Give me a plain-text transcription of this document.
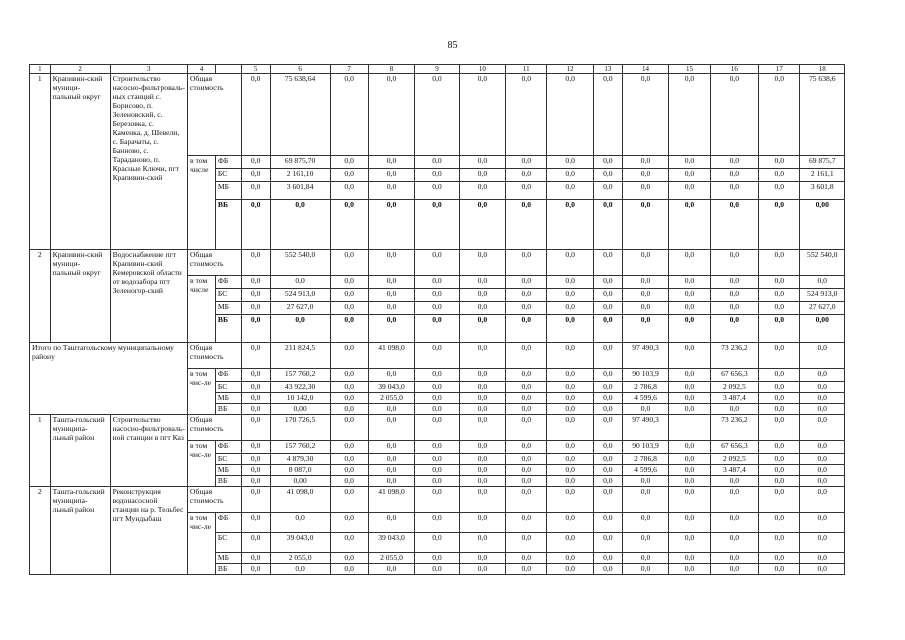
85
1	2	3	4		5	6	7	8	9	10	11	12	13	14	15	16	17	18
1	Крапивин-ский муници-пальный округ	Строительство насосно-фильтроваль-ных станций с. Борисово, п. Зеленовский, с. Березовка, с. Каменка, д. Шевели, с. Барачаты, с. Банново, с. Тараданово, п. Красные Ключи, пгт Крапивин-ский	Общая стоимость		0,0	75 638,64	0,0	0,0	0,0	0,0	0,0	0,0	0,0	0,0	0,0	0,0	0,0	75 638,6
			в том числе	ФБ	0,0	69 875,70	0,0	0,0	0,0	0,0	0,0	0,0	0,0	0,0	0,0	0,0	0,0	69 875,7
				БС	0,0	2 161,10	0,0	0,0	0,0	0,0	0,0	0,0	0,0	0,0	0,0	0,0	0,0	2 161,1
				МБ	0,0	3 601,84	0,0	0,0	0,0	0,0	0,0	0,0	0,0	0,0	0,0	0,0	0,0	3 601,8
				ВБ	0,0	0,0	0,0	0,0	0,0	0,0	0,0	0,0	0,0	0,0	0,0	0,0	0,0	0,00
2	Крапивин-ский муници-пальный округ	Водоснабжение пгт Крапивин-ский Кемеровской области от водозабора пгт Зеленогор-ский	Общая стоимость		0,0	552 540,0	0,0	0,0	0,0	0,0	0,0	0,0	0,0	0,0	0,0	0,0	0,0	552 540,0
			в том числе	ФБ	0,0	0,0	0,0	0,0	0,0	0,0	0,0	0,0	0,0	0,0	0,0	0,0	0,0	0,0
				БС	0,0	524 913,0	0,0	0,0	0,0	0,0	0,0	0,0	0,0	0,0	0,0	0,0	0,0	524 913,0
				МБ	0,0	27 627,0	0,0	0,0	0,0	0,0	0,0	0,0	0,0	0,0	0,0	0,0	0,0	27 627,0
				ВБ	0,0	0,0	0,0	0,0	0,0	0,0	0,0	0,0	0,0	0,0	0,0	0,0	0,0	0,00
Итого по Таштагольскому муниципальному району			Общая стоимость		0,0	211 824,5	0,0	41 098,0	0,0	0,0	0,0	0,0	0,0	97 490,3	0,0	73 236,2	0,0	0,0
			в том чис-ле	ФБ	0,0	157 760,2	0,0	0,0	0,0	0,0	0,0	0,0	0,0	90 103,9	0,0	67 656,3	0,0	0,0
				БС	0,0	43 922,30	0,0	39 043,0	0,0	0,0	0,0	0,0	0,0	2 786,8	0,0	2 092,5	0,0	0,0
				МБ	0,0	10 142,0	0,0	2 055,0	0,0	0,0	0,0	0,0	0,0	4 599,6	0,0	3 487,4	0,0	0,0
				ВБ	0,0	0,00	0,0	0,0	0,0	0,0	0,0	0,0	0,0	0,0	0,0	0,0	0,0	0,0
1	Ташта-гольский муниципа-льный район	Строительство насосно-фильтроваль-ной станции в пгт Каз	Общая стоимость		0,0	170 726,5	0,0	0,0	0,0	0,0	0,0	0,0	0,0	97 490,3		73 236,2	0,0	0,0
			в том чис-ле	ФБ	0,0	157 760,2	0,0	0,0	0,0	0,0	0,0	0,0	0,0	90 103,9	0,0	67 656,3	0,0	0,0
				БС	0,0	4 879,30	0,0	0,0	0,0	0,0	0,0	0,0	0,0	2 786,8	0,0	2 092,5	0,0	0,0
				МБ	0,0	8 087,0	0,0	0,0	0,0	0,0	0,0	0,0	0,0	4 599,6	0,0	3 487,4	0,0	0,0
				ВБ	0,0	0,00	0,0	0,0	0,0	0,0	0,0	0,0	0,0	0,0	0,0	0,0	0,0	0,0
2	Ташта-гольский муниципа-льный район	Реконструкция водонасосной станции на р. Тельбес пгт Мундыбаш	Общая стоимость		0,0	41 098,0	0,0	41 098,0	0,0	0,0	0,0	0,0	0,0	0,0	0,0	0,0	0,0	0,0
			в том чис-ле	ФБ	0,0	0,0	0,0	0,0	0,0	0,0	0,0	0,0	0,0	0,0	0,0	0,0	0,0	0,0
				БС	0,0	39 043,0	0,0	39 043,0	0,0	0,0	0,0	0,0	0,0	0,0	0,0	0,0	0,0	0,0
				МБ	0,0	2 055,0	0,0	2 055,0	0,0	0,0	0,0	0,0	0,0	0,0	0,0	0,0	0,0	0,0
				ВБ	0,0	0,0	0,0	0,0	0,0	0,0	0,0	0,0	0,0	0,0	0,0	0,0	0,0	0,0
